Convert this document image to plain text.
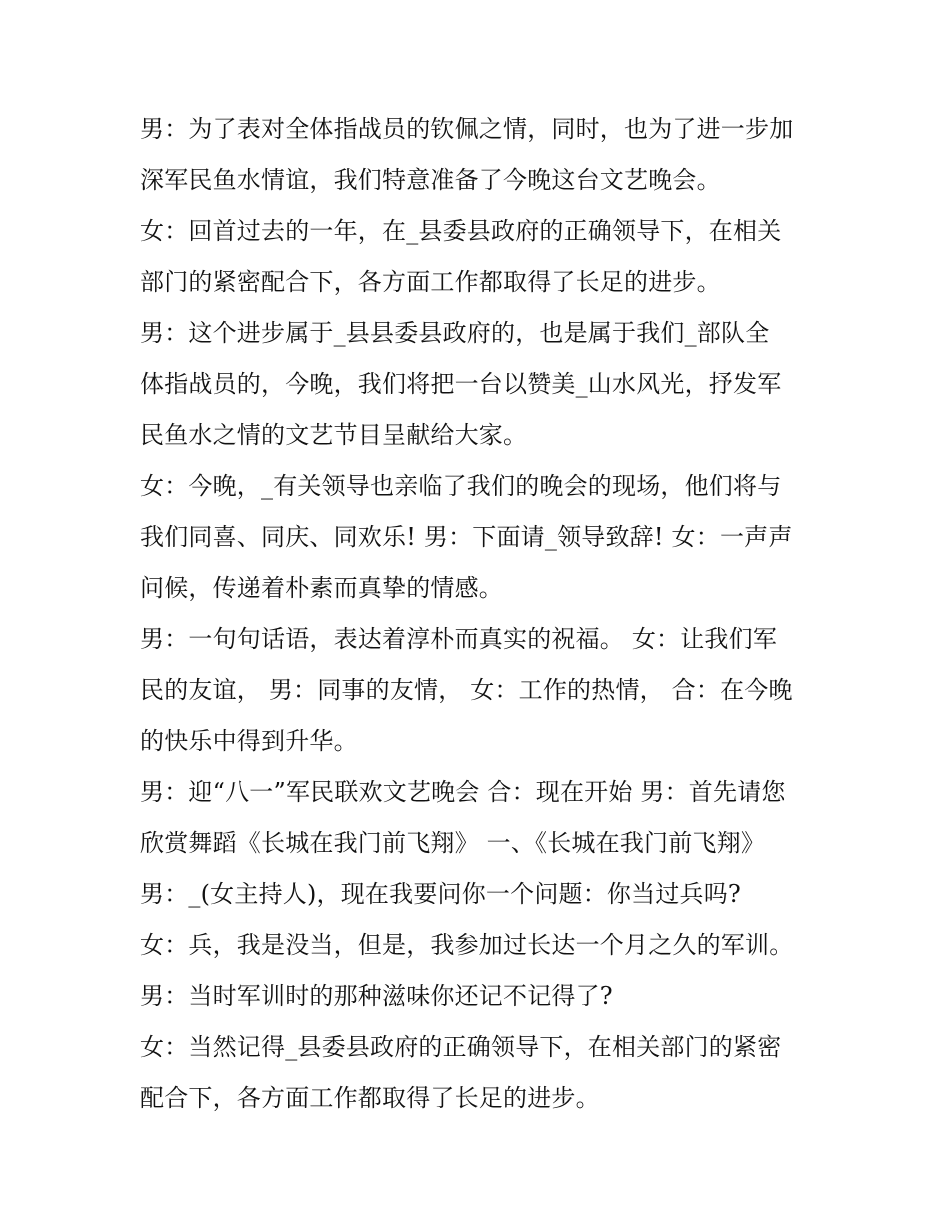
男：为了表对全体指战员的钦佩之情，同时，也为了进一步加
深军民鱼水情谊，我们特意准备了今晚这台文艺晚会。

女：回首过去的一年，在_县委县政府的正确领导下，在相关
部门的紧密配合下，各方面工作都取得了长足的进步。

男：这个进步属于_县县委县政府的，也是属于我们_部队全
体指战员的，今晚，我们将把一台以赞美_山水风光，抒发军
民鱼水之情的文艺节目呈献给大家。

女：今晚，_有关领导也亲临了我们的晚会的现场，他们将与
我们同喜、同庆、同欢乐! 男：下面请_领导致辞! 女：一声声
问候，传递着朴素而真挚的情感。

男：一句句话语，表达着淳朴而真实的祝福。 女：让我们军
民的友谊， 男：同事的友情， 女：工作的热情， 合：在今晚
的快乐中得到升华。

男：迎“八一”军民联欢文艺晚会 合：现在开始 男：首先请您
欣赏舞蹈《长城在我门前飞翔》 一、《长城在我门前飞翔》

男：_(女主持人)，现在我要问你一个问题：你当过兵吗?

女：兵，我是没当，但是，我参加过长达一个月之久的军训。

男：当时军训时的那种滋味你还记不记得了?

女：当然记得_县委县政府的正确领导下，在相关部门的紧密
配合下，各方面工作都取得了长足的进步。
